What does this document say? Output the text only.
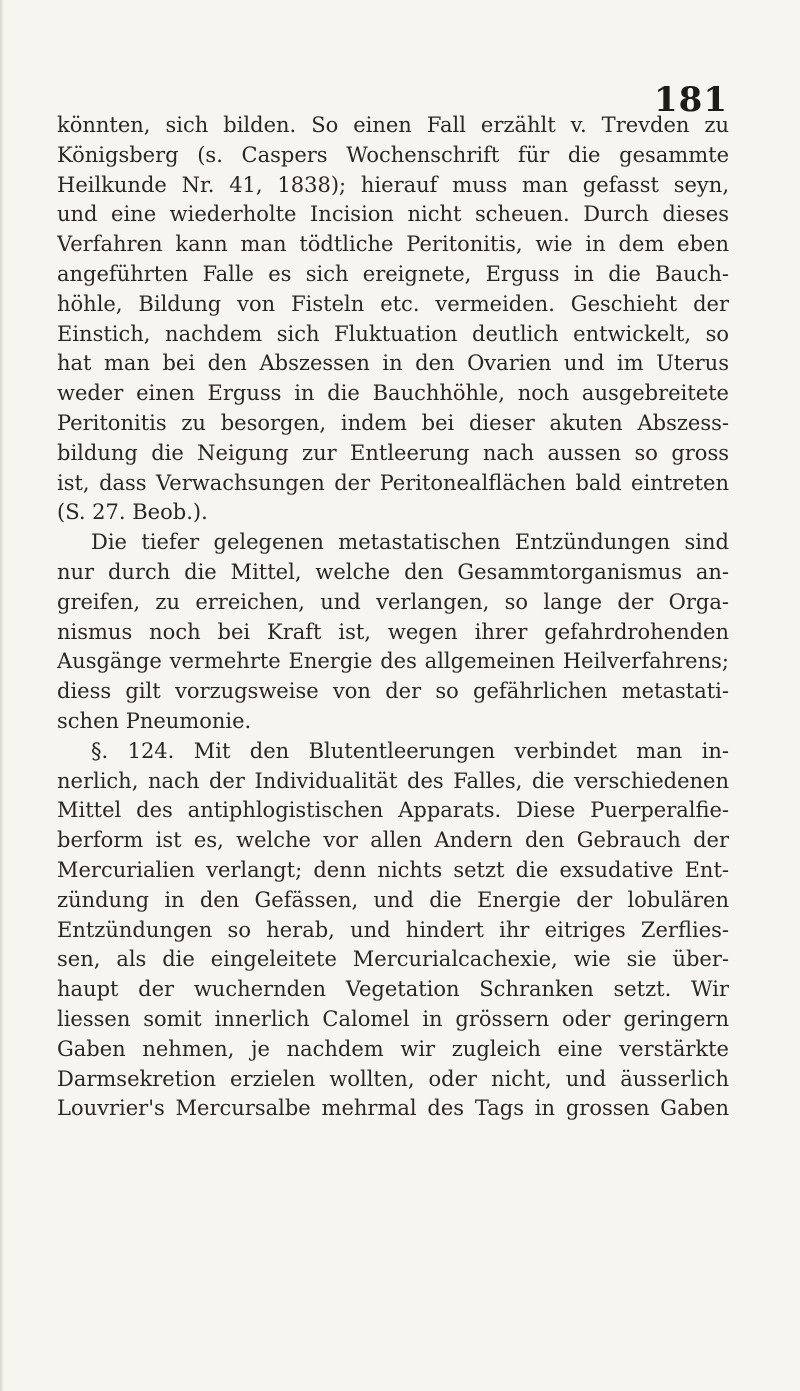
181
könnten, sich bilden. So einen Fall erzählt v. Trevden zu
Königsberg (s. Caspers Wochenschrift für die gesammte
Heilkunde Nr. 41, 1838); hierauf muss man gefasst seyn,
und eine wiederholte Incision nicht scheuen. Durch dieses
Verfahren kann man tödtliche Peritonitis, wie in dem eben
angeführten Falle es sich ereignete, Erguss in die Bauch-
höhle, Bildung von Fisteln etc. vermeiden. Geschieht der
Einstich, nachdem sich Fluktuation deutlich entwickelt, so
hat man bei den Abszessen in den Ovarien und im Uterus
weder einen Erguss in die Bauchhöhle, noch ausgebreitete
Peritonitis zu besorgen, indem bei dieser akuten Abszess-
bildung die Neigung zur Entleerung nach aussen so gross
ist, dass Verwachsungen der Peritonealflächen bald eintreten
(S. 27. Beob.).
Die tiefer gelegenen metastatischen Entzündungen sind
nur durch die Mittel, welche den Gesammtorganismus an-
greifen, zu erreichen, und verlangen, so lange der Orga-
nismus noch bei Kraft ist, wegen ihrer gefahrdrohenden
Ausgänge vermehrte Energie des allgemeinen Heilverfahrens;
diess gilt vorzugsweise von der so gefährlichen metastati-
schen Pneumonie.
§. 124. Mit den Blutentleerungen verbindet man in-
nerlich, nach der Individualität des Falles, die verschiedenen
Mittel des antiphlogistischen Apparats. Diese Puerperalfie-
berform ist es, welche vor allen Andern den Gebrauch der
Mercurialien verlangt; denn nichts setzt die exsudative Ent-
zündung in den Gefässen, und die Energie der lobulären
Entzündungen so herab, und hindert ihr eitriges Zerflies-
sen, als die eingeleitete Mercurialcachexie, wie sie über-
haupt der wuchernden Vegetation Schranken setzt. Wir
liessen somit innerlich Calomel in grössern oder geringern
Gaben nehmen, je nachdem wir zugleich eine verstärkte
Darmsekretion erzielen wollten, oder nicht, und äusserlich
Louvrier's Mercursalbe mehrmal des Tags in grossen Gaben
